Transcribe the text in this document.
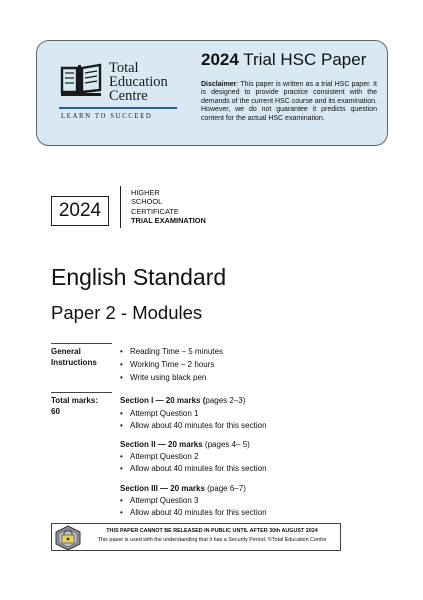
Total
Education
Centre
LEARN TO SUCCEED
2024 Trial HSC Paper
Disclaimer: This paper is written as a trial HSC paper. It is designed to provide practice consistent with the demands of the current HSC course and its examination. However, we do not guarantee it predicts question content for the actual HSC examination.
2024
HIGHER
SCHOOL
CERTIFICATE
TRIAL EXAMINATION
English Standard
Paper 2 - Modules
General
Instructions
Reading Time – 5 minutes
Working Time – 2 hours
Write using black pen
Total marks:
60
Section I — 20 marks (pages 2–3)
Attempt Question 1
Allow about 40 minutes for this section
Section II — 20 marks (pages 4– 5)
Attempt Question 2
Allow about 40 minutes for this section
Section III — 20 marks (page 6–7)
Attempt Question 3
Allow about 40 minutes for this section
THIS PAPER CANNOT BE RELEASED IN PUBLIC UNTIL AFTER 30th AUGUST 2024
This paper is used with the understanding that it has a Security Period. ©Total Education Centre
